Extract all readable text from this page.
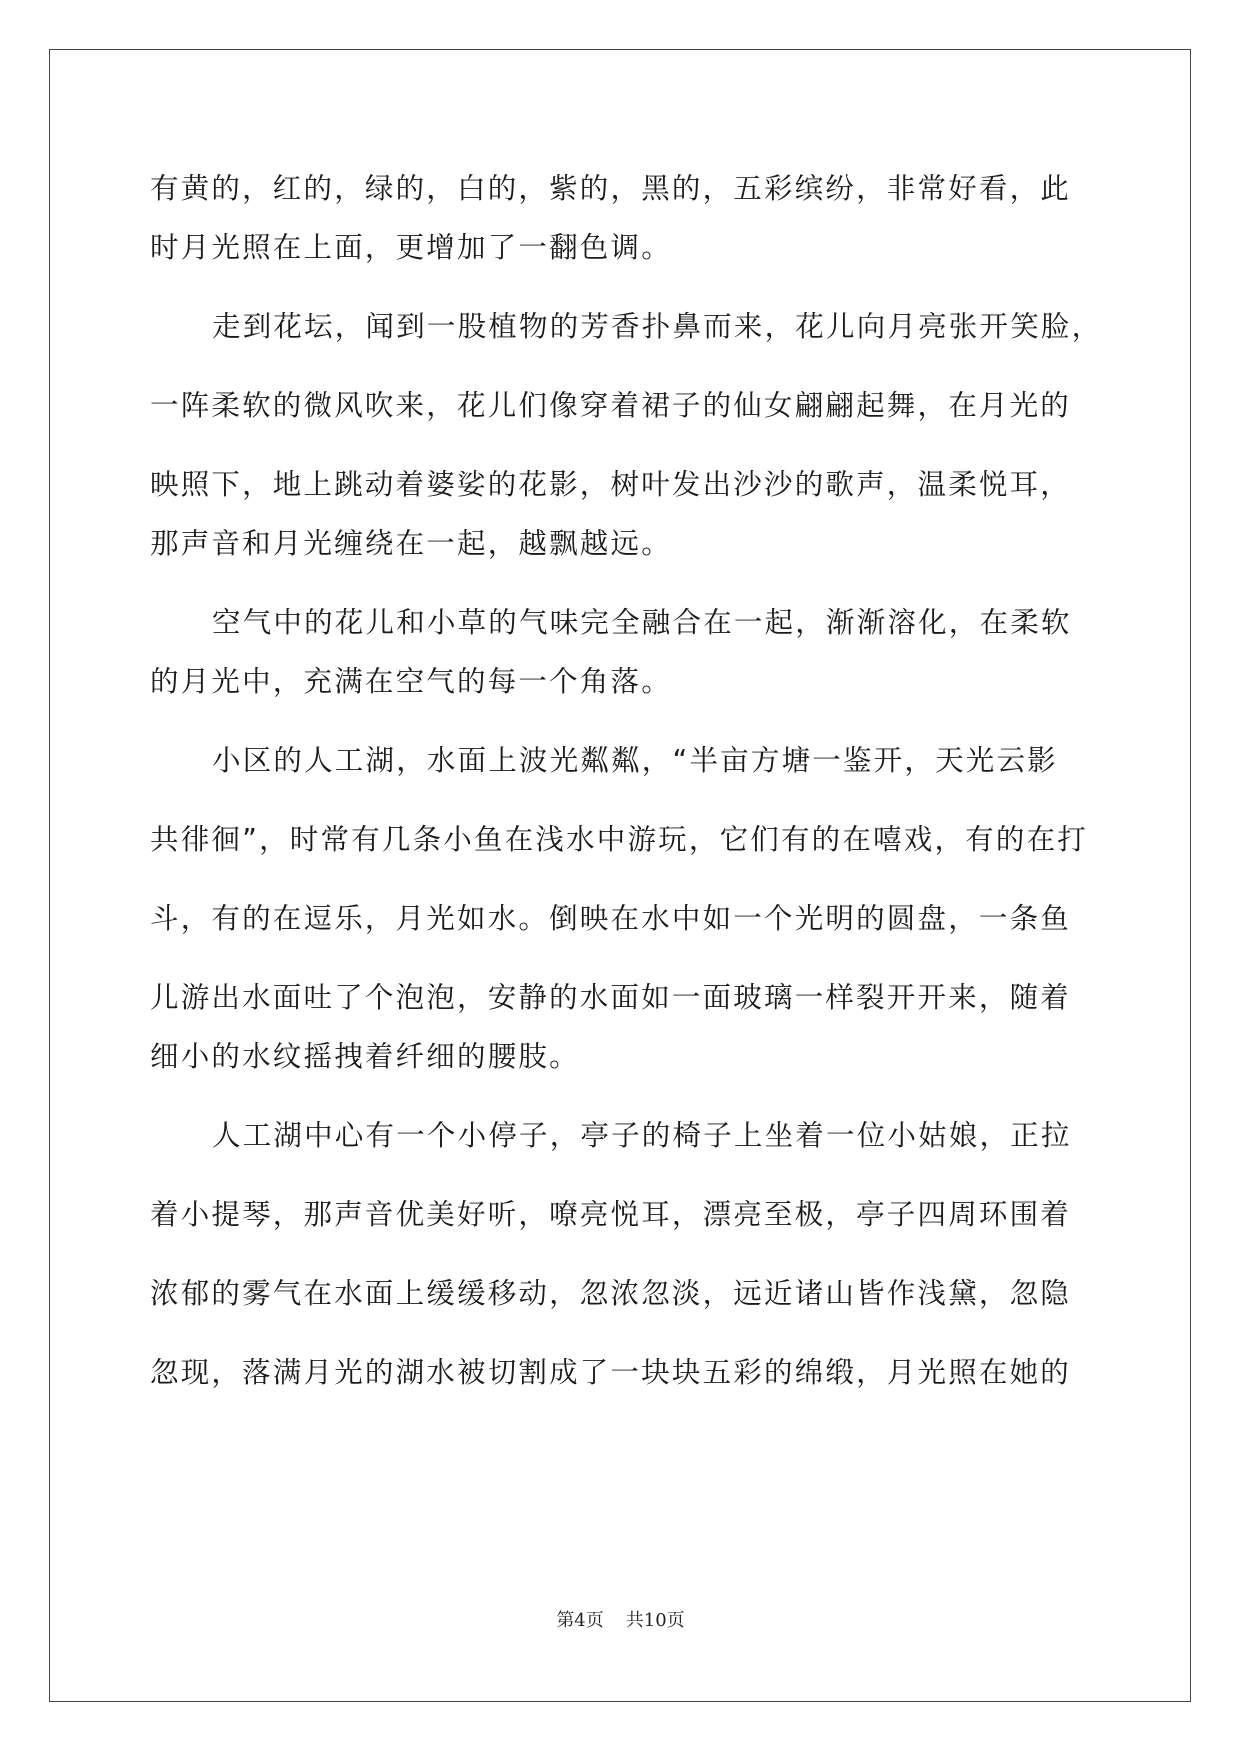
有黄的，红的，绿的，白的，紫的，黑的，五彩缤纷，非常好看，此
时月光照在上面，更增加了一翻色调。
走到花坛，闻到一股植物的芳香扑鼻而来，花儿向月亮张开笑脸，
一阵柔软的微风吹来，花儿们像穿着裙子的仙女翩翩起舞，在月光的
映照下，地上跳动着婆娑的花影，树叶发出沙沙的歌声，温柔悦耳，
那声音和月光缠绕在一起，越飘越远。
空气中的花儿和小草的气味完全融合在一起，渐渐溶化，在柔软
的月光中，充满在空气的每一个角落。
小区的人工湖，水面上波光粼粼，“半亩方塘一鉴开，天光云影
共徘徊”，时常有几条小鱼在浅水中游玩，它们有的在嘻戏，有的在打
斗，有的在逗乐，月光如水。倒映在水中如一个光明的圆盘，一条鱼
儿游出水面吐了个泡泡，安静的水面如一面玻璃一样裂开开来，随着
细小的水纹摇拽着纤细的腰肢。
人工湖中心有一个小停子，亭子的椅子上坐着一位小姑娘，正拉
着小提琴，那声音优美好听，嘹亮悦耳，漂亮至极，亭子四周环围着
浓郁的雾气在水面上缓缓移动，忽浓忽淡，远近诸山皆作浅黛，忽隐
忽现，落满月光的湖水被切割成了一块块五彩的绵缎，月光照在她的
第4页 共10页
